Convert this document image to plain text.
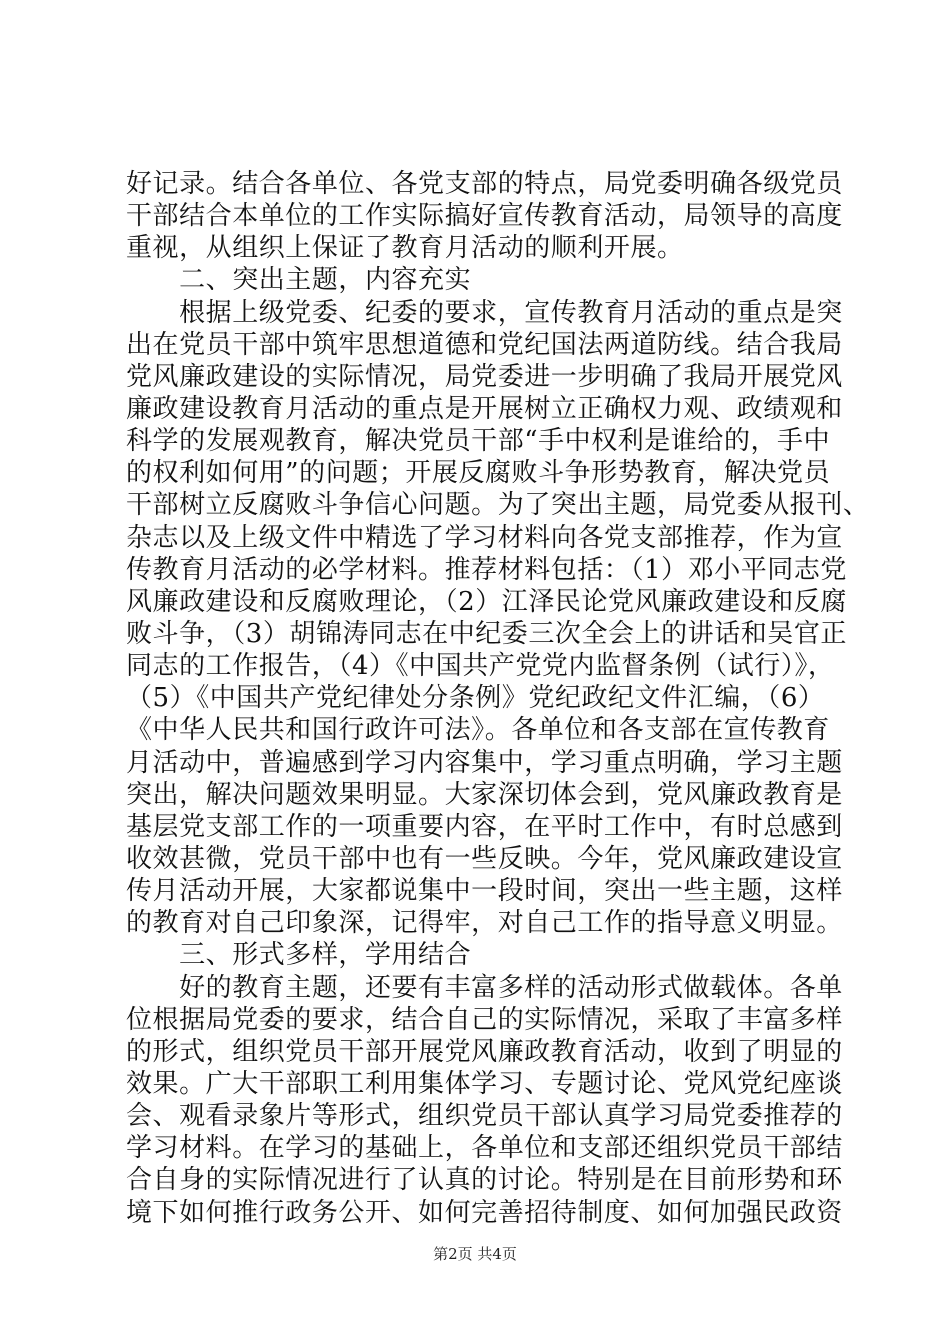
好记录。结合各单位、各党支部的特点，局党委明确各级党员
干部结合本单位的工作实际搞好宣传教育活动，局领导的高度
重视，从组织上保证了教育月活动的顺利开展。
　　二、突出主题，内容充实
　　根据上级党委、纪委的要求，宣传教育月活动的重点是突
出在党员干部中筑牢思想道德和党纪国法两道防线。结合我局
党风廉政建设的实际情况，局党委进一步明确了我局开展党风
廉政建设教育月活动的重点是开展树立正确权力观、政绩观和
科学的发展观教育，解决党员干部“手中权利是谁给的，手中
的权利如何用”的问题；开展反腐败斗争形势教育，解决党员
干部树立反腐败斗争信心问题。为了突出主题，局党委从报刊、
杂志以及上级文件中精选了学习材料向各党支部推荐，作为宣
传教育月活动的必学材料。推荐材料包括：（1）邓小平同志党
风廉政建设和反腐败理论，（2）江泽民论党风廉政建设和反腐
败斗争，（3）胡锦涛同志在中纪委三次全会上的讲话和吴官正
同志的工作报告，（4）《中国共产党党内监督条例（试行）》，
（5）《中国共产党纪律处分条例》党纪政纪文件汇编，（6）
《中华人民共和国行政许可法》。各单位和各支部在宣传教育
月活动中，普遍感到学习内容集中，学习重点明确，学习主题
突出，解决问题效果明显。大家深切体会到，党风廉政教育是
基层党支部工作的一项重要内容，在平时工作中，有时总感到
收效甚微，党员干部中也有一些反映。今年，党风廉政建设宣
传月活动开展，大家都说集中一段时间，突出一些主题，这样
的教育对自己印象深，记得牢，对自己工作的指导意义明显。
　　三、形式多样，学用结合
　　好的教育主题，还要有丰富多样的活动形式做载体。各单
位根据局党委的要求，结合自己的实际情况，采取了丰富多样
的形式，组织党员干部开展党风廉政教育活动，收到了明显的
效果。广大干部职工利用集体学习、专题讨论、党风党纪座谈
会、观看录象片等形式，组织党员干部认真学习局党委推荐的
学习材料。在学习的基础上，各单位和支部还组织党员干部结
合自身的实际情况进行了认真的讨论。特别是在目前形势和环
境下如何推行政务公开、如何完善招待制度、如何加强民政资
第2页 共4页
